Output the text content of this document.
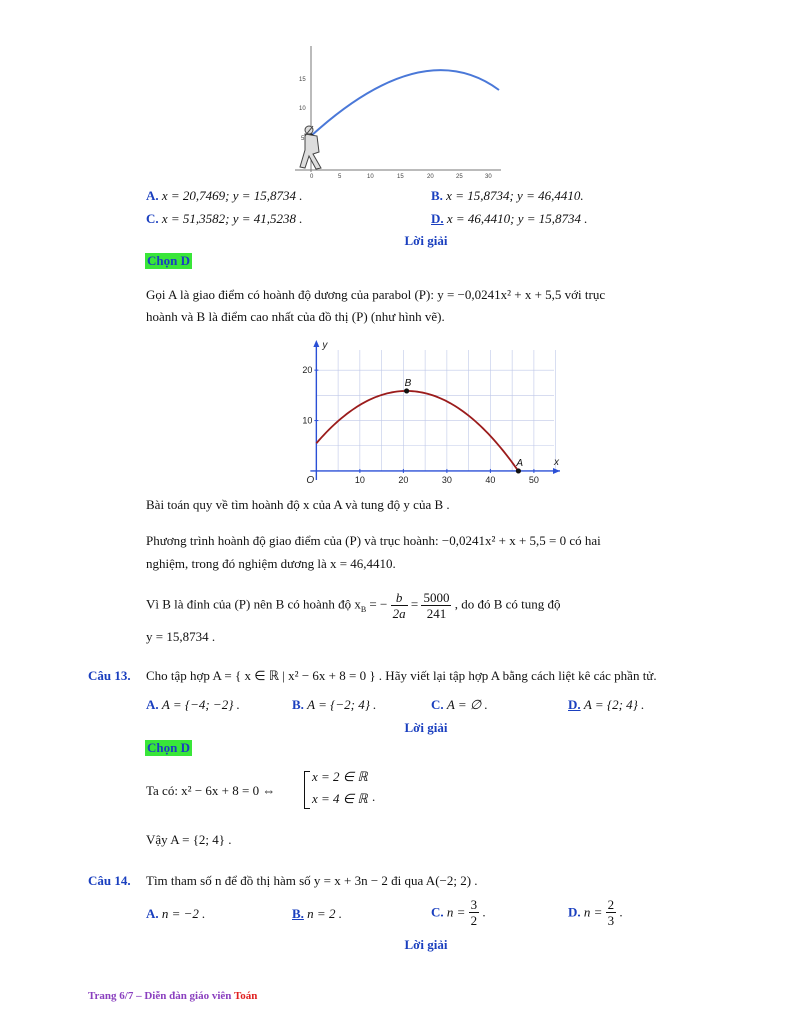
15
10
5
0	5	10	15	20	25	30
A. x = 20,7469; y = 15,8734 .	B. x = 15,8734; y = 46,4410.
C. x = 51,3582; y = 41,5238 .	D. x = 46,4410; y = 15,8734 .
Lời giải
Chọn D
Gọi A là giao điểm có hoành độ dương của parabol (P): y = −0,0241x² + x + 5,5 với trục
hoành và B là điểm cao nhất của đồ thị (P) (như hình vẽ).
10	20	30	40	50
20
10
O
x
y
B
A
Bài toán quy về tìm hoành độ x của A và tung độ y của B .
Phương trình hoành độ giao điểm của (P) và trục hoành: −0,0241x² + x + 5,5 = 0 có hai
nghiệm, trong đó nghiệm dương là x = 46,4410.
Vì B là đỉnh của (P) nên B có hoành độ $x_B$ = − $\frac{b}{2a} = \frac{5000}{241}$ , do đó B có tung độ
y = 15,8734 .
Câu 13. Cho tập hợp A = { x ∈ ℝ | x² − 6x + 8 = 0 } . Hãy viết lại tập hợp A bằng cách liệt kê các phần tử.
A. A = {−4; −2} .	B. A = {−2; 4} .	C. A = ∅ .	D. A = {2; 4} .
Lời giải
Chọn D
Ta có: x² − 6x + 8 = 0 ⇔
x = 2 ∈ ℝ
x = 4 ∈ ℝ .
Vậy A = {2; 4} .
Câu 14. Tìm tham số n để đồ thị hàm số y = x + 3n − 2 đi qua A(−2; 2) .
A. n = −2 .	B. n = 2 .	C. $n = \frac{3}{2}$ .	D. $n = \frac{2}{3}$ .
Lời giải
Trang 6/7 – Diễn đàn giáo viên Toán
